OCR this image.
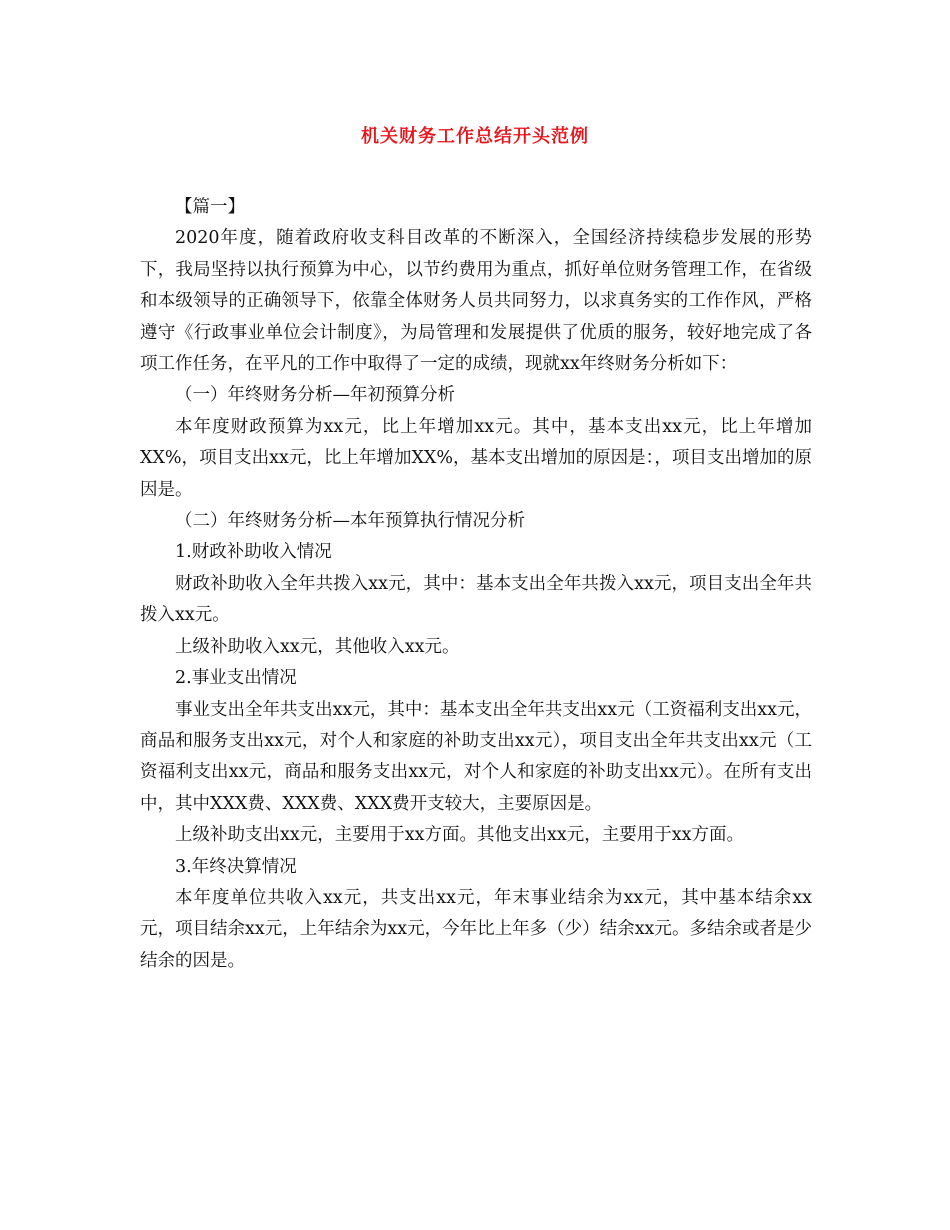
机关财务工作总结开头范例

【篇一】

2020年度，随着政府收支科目改革的不断深入，全国经济持续稳步发展的形势下，我局坚持以执行预算为中心，以节约费用为重点，抓好单位财务管理工作，在省级和本级领导的正确领导下，依靠全体财务人员共同努力，以求真务实的工作作风，严格遵守《行政事业单位会计制度》，为局管理和发展提供了优质的服务，较好地完成了各项工作任务，在平凡的工作中取得了一定的成绩，现就xx年终财务分析如下：

（一）年终财务分析—年初预算分析

本年度财政预算为xx元，比上年增加xx元。其中，基本支出xx元，比上年增加XX%，项目支出xx元，比上年增加XX%，基本支出增加的原因是：，项目支出增加的原因是。

（二）年终财务分析—本年预算执行情况分析

1.财政补助收入情况

财政补助收入全年共拨入xx元，其中：基本支出全年共拨入xx元，项目支出全年共拨入xx元。

上级补助收入xx元，其他收入xx元。

2.事业支出情况

事业支出全年共支出xx元，其中：基本支出全年共支出xx元（工资福利支出xx元，商品和服务支出xx元，对个人和家庭的补助支出xx元），项目支出全年共支出xx元（工资福利支出xx元，商品和服务支出xx元，对个人和家庭的补助支出xx元）。在所有支出中，其中XXX费、XXX费、XXX费开支较大，主要原因是。

上级补助支出xx元，主要用于xx方面。其他支出xx元，主要用于xx方面。

3.年终决算情况

本年度单位共收入xx元，共支出xx元，年末事业结余为xx元，其中基本结余xx元，项目结余xx元，上年结余为xx元，今年比上年多（少）结余xx元。多结余或者是少结余的因是。
